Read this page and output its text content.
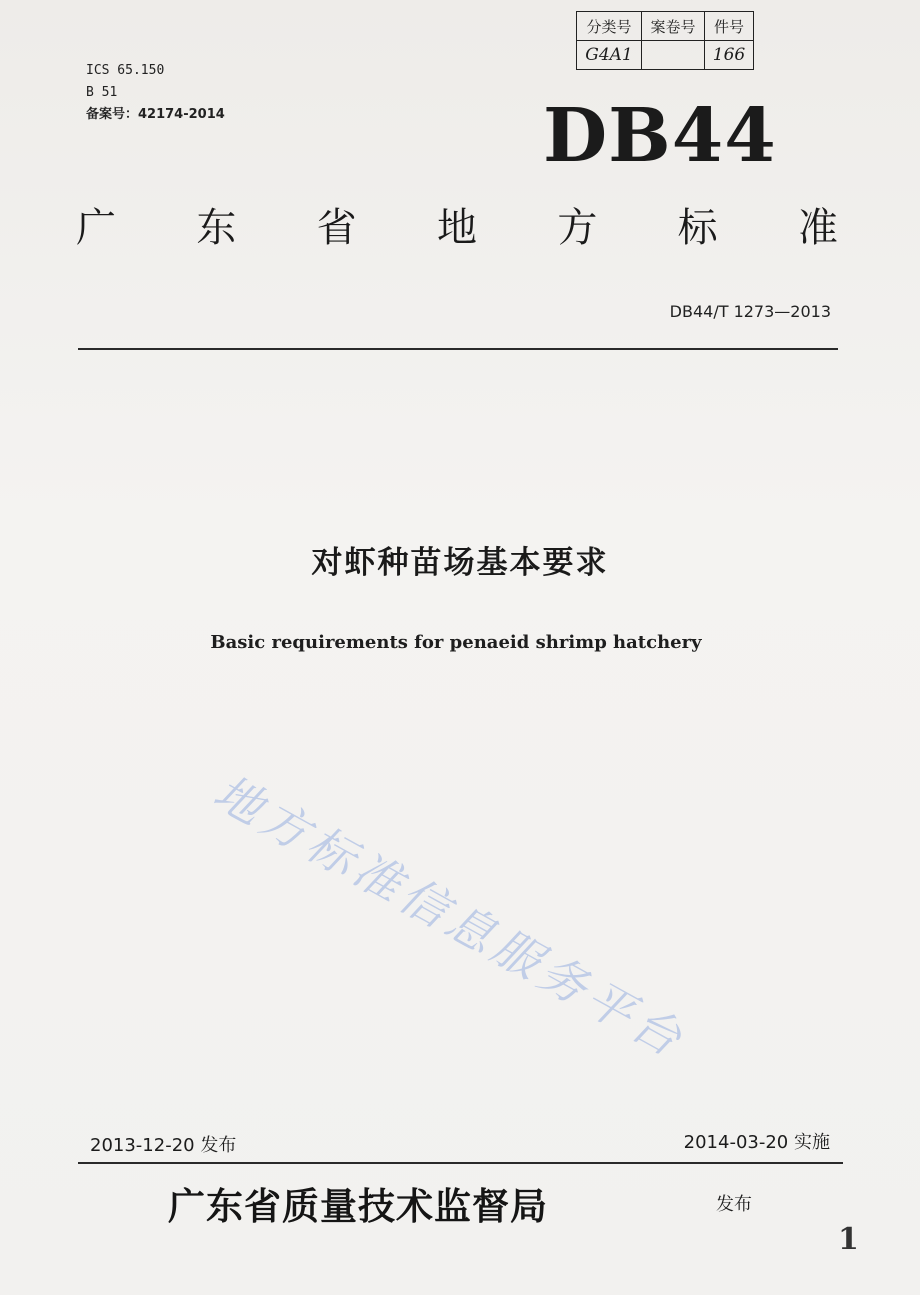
ICS 65.150
B 51
备案号：42174-2014
分类号	案卷号	件号
G4A1		166
DB44
广 东 省 地 方 标 准
DB44/T 1273—2013
对虾种苗场基本要求
Basic requirements for penaeid shrimp hatchery
地方标准信息服务平台
2013-12-20 发布	2014-03-20 实施
广东省质量技术监督局	发布
1
